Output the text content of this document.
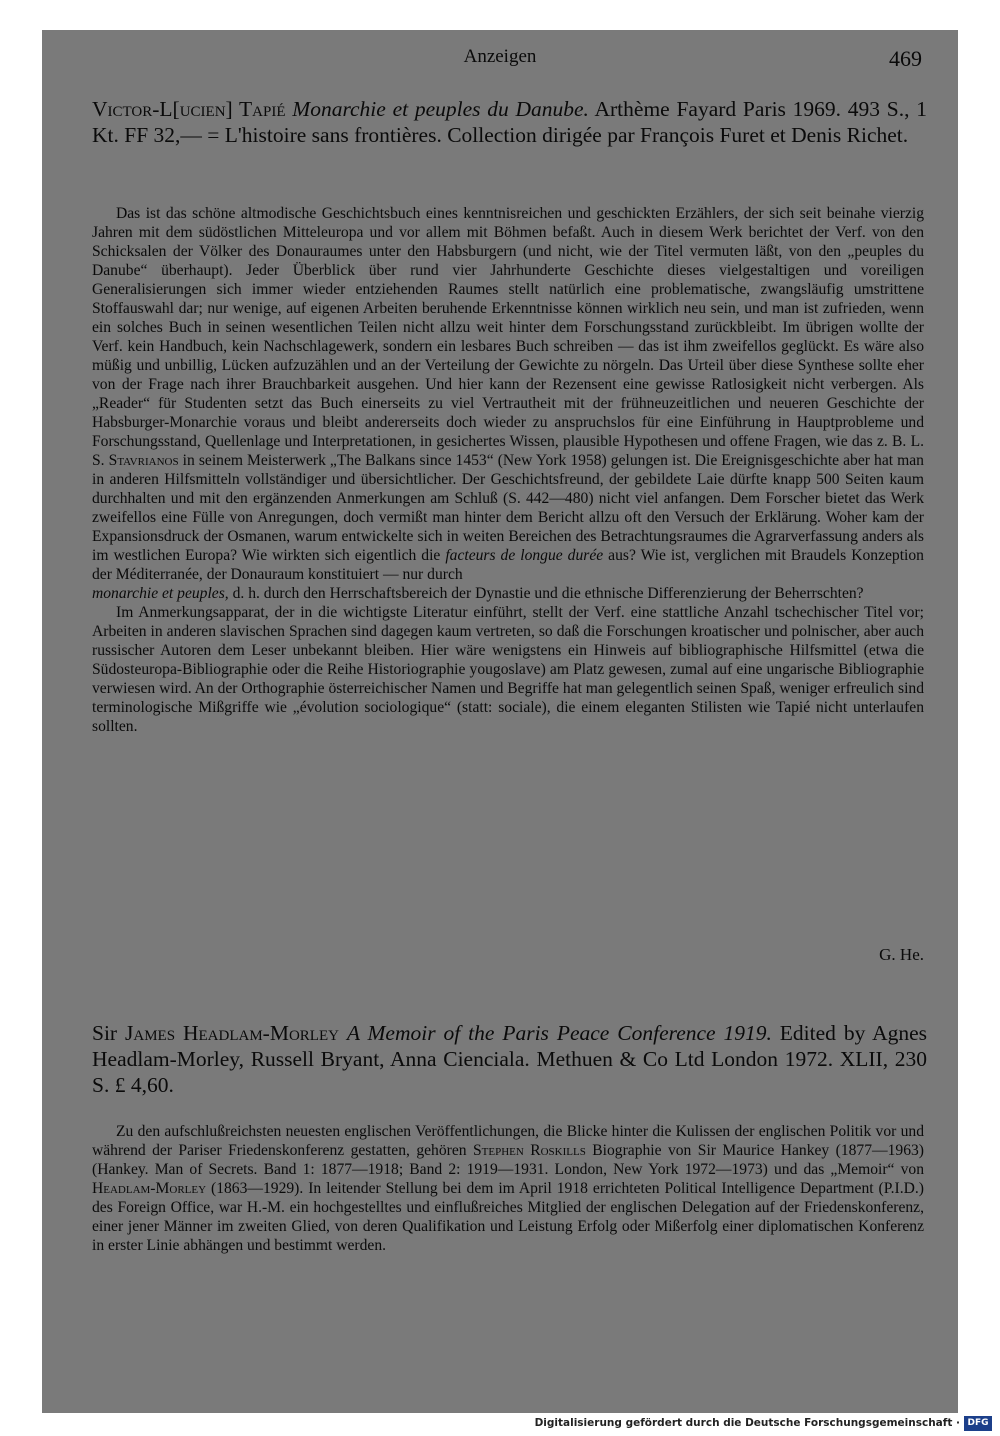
Anzeigen	469
Victor-L[ucien] Tapié Monarchie et peuples du Danube. Arthème Fayard Paris 1969. 493 S., 1 Kt. FF 32,— = L'histoire sans frontières. Collection dirigée par François Furet et Denis Richet.

Das ist das schöne altmodische Geschichtsbuch eines kenntnisreichen und geschickten Erzählers, der sich seit beinahe vierzig Jahren mit dem südöstlichen Mitteleuropa und vor allem mit Böhmen befaßt. Auch in diesem Werk berichtet der Verf. von den Schicksalen der Völker des Donauraumes unter den Habsburgern (und nicht, wie der Titel vermuten läßt, von den „peuples du Danube“ überhaupt). Jeder Überblick über rund vier Jahrhunderte Geschichte dieses vielgestaltigen und voreiligen Generalisierungen sich immer wieder entziehenden Raumes stellt natürlich eine problematische, zwangsläufig umstrittene Stoffauswahl dar; nur wenige, auf eigenen Arbeiten beruhende Erkenntnisse können wirklich neu sein, und man ist zufrieden, wenn ein solches Buch in seinen wesentlichen Teilen nicht allzu weit hinter dem Forschungsstand zurückbleibt. Im übrigen wollte der Verf. kein Handbuch, kein Nachschlagewerk, sondern ein lesbares Buch schreiben — das ist ihm zweifellos geglückt. Es wäre also müßig und unbillig, Lücken aufzuzählen und an der Verteilung der Gewichte zu nörgeln. Das Urteil über diese Synthese sollte eher von der Frage nach ihrer Brauchbarkeit ausgehen. Und hier kann der Rezensent eine gewisse Ratlosigkeit nicht verbergen. Als „Reader“ für Studenten setzt das Buch einerseits zu viel Vertrautheit mit der frühneuzeitlichen und neueren Geschichte der Habsburger-Monarchie voraus und bleibt andererseits doch wieder zu anspruchslos für eine Einführung in Hauptprobleme und Forschungsstand, Quellenlage und Interpretationen, in gesichertes Wissen, plausible Hypothesen und offene Fragen, wie das z. B. L. S. Stavrianos in seinem Meisterwerk „The Balkans since 1453“ (New York 1958) gelungen ist. Die Ereignisgeschichte aber hat man in anderen Hilfsmitteln vollständiger und übersichtlicher. Der Geschichtsfreund, der gebildete Laie dürfte knapp 500 Seiten kaum durchhalten und mit den ergänzenden Anmerkungen am Schluß (S. 442—480) nicht viel anfangen. Dem Forscher bietet das Werk zweifellos eine Fülle von Anregungen, doch vermißt man hinter dem Bericht allzu oft den Versuch der Erklärung. Woher kam der Expansionsdruck der Osmanen, warum entwickelte sich in weiten Bereichen des Betrachtungsraumes die Agrarverfassung anders als im westlichen Europa? Wie wirkten sich eigentlich die facteurs de longue durée aus? Wie ist, verglichen mit Braudels Konzeption der Méditerranée, der Donauraum konstituiert — nur durch
monarchie et peuples, d. h. durch den Herrschaftsbereich der Dynastie und die ethnische Differenzierung der Beherrschten?

Im Anmerkungsapparat, der in die wichtigste Literatur einführt, stellt der Verf. eine stattliche Anzahl tschechischer Titel vor; Arbeiten in anderen slavischen Sprachen sind dagegen kaum vertreten, so daß die Forschungen kroatischer und polnischer, aber auch russischer Autoren dem Leser unbekannt bleiben. Hier wäre wenigstens ein Hinweis auf bibliographische Hilfsmittel (etwa die Südosteuropa-Bibliographie oder die Reihe Historiographie yougoslave) am Platz gewesen, zumal auf eine ungarische Bibliographie verwiesen wird. An der Orthographie österreichischer Namen und Begriffe hat man gelegentlich seinen Spaß, weniger erfreulich sind terminologische Mißgriffe wie „évolution sociologique“ (statt: sociale), die einem eleganten Stilisten wie Tapié nicht unterlaufen sollten.

G. He.
Sir James Headlam-Morley A Memoir of the Paris Peace Conference 1919. Edited by Agnes Headlam-Morley, Russell Bryant, Anna Cienciala. Methuen & Co Ltd London 1972. XLII, 230 S. £ 4,60.

Zu den aufschlußreichsten neuesten englischen Veröffentlichungen, die Blicke hinter die Kulissen der englischen Politik vor und während der Pariser Friedenskonferenz gestatten, gehören Stephen Roskills Biographie von Sir Maurice Hankey (1877—1963) (Hankey. Man of Secrets. Band 1: 1877—1918; Band 2: 1919—1931. London, New York 1972—1973) und das „Memoir“ von Headlam-Morley (1863—1929). In leitender Stellung bei dem im April 1918 errichteten Political Intelligence Department (P.I.D.) des Foreign Office, war H.-M. ein hochgestelltes und einflußreiches Mitglied der englischen Delegation auf der Friedenskonferenz, einer jener Männer im zweiten Glied, von deren Qualifikation und Leistung Erfolg oder Mißerfolg einer diplomatischen Konferenz in erster Linie abhängen und bestimmt werden.

Digitalisierung gefördert durch die Deutsche Forschungsgemeinschaft · DFG
